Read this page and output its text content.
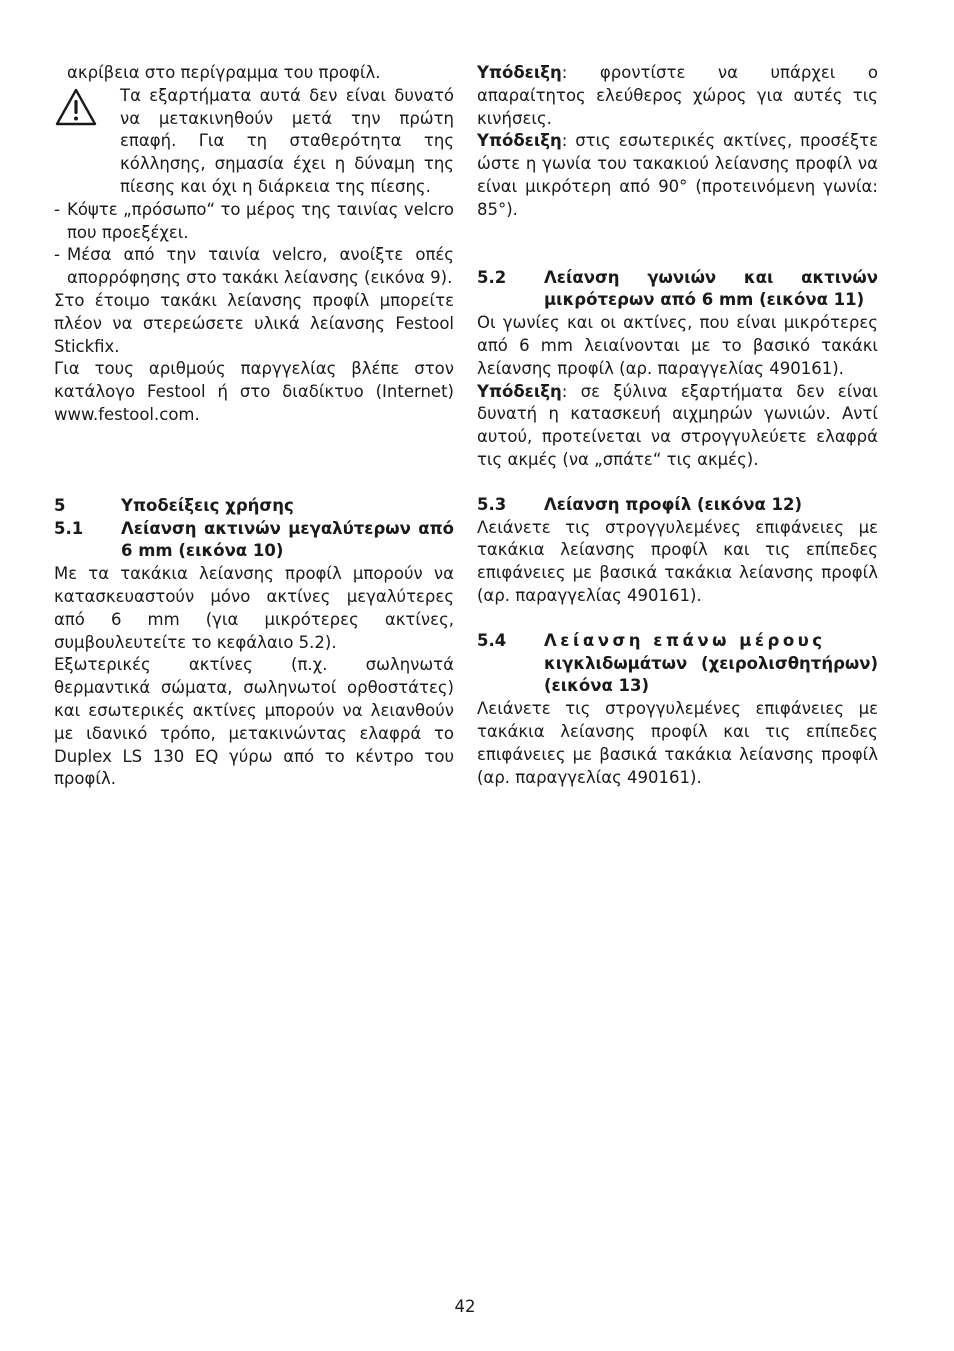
ακρίβεια στο περίγραμμα του προφίλ.

Τα εξαρτήματα αυτά δεν είναι δυνατό να μετακινηθούν μετά την πρώτη επαφή. Για τη σταθερότητα της κόλλησης, σημασία έχει η δύναμη της πίεσης και όχι η διάρκεια της πίεσης.

- Κόψτε „πρόσωπο“ το μέρος της ταινίας velcro που προεξέχει.
- Μέσα από την ταινία velcro, ανοίξτε οπές απορρόφησης στο τακάκι λείανσης (εικόνα 9).

Στο έτοιμο τακάκι λείανσης προφίλ μπορείτε πλέον να στερεώσετε υλικά λείανσης Festool Stickfix.

Για τους αριθμούς παργγελίας βλέπε στον κατάλογο Festool ή στο διαδίκτυο (Internet) www.festool.com.

5	Υποδείξεις χρήσης
5.1	Λείανση ακτινών μεγαλύτερων από 6 mm (εικόνα 10)

Με τα τακάκια λείανσης προφίλ μπορούν να κατασκευαστούν μόνο ακτίνες μεγαλύτερες από 6 mm (για μικρότερες ακτίνες, συμβουλευτείτε το κεφάλαιο 5.2).

Εξωτερικές ακτίνες (π.χ. σωληνωτά θερμαντικά σώματα, σωληνωτοί ορθοστάτες) και εσωτερικές ακτίνες μπορούν να λειανθούν με ιδανικό τρόπο, μετακινώντας ελαφρά το Duplex LS 130 EQ γύρω από το κέντρο του προφίλ.

Υπόδειξη: φροντίστε να υπάρχει ο απαραίτητος ελεύθερος χώρος για αυτές τις κινήσεις.

Υπόδειξη: στις εσωτερικές ακτίνες, προσέξτε ώστε η γωνία του τακακιού λείανσης προφίλ να είναι μικρότερη από 90° (προτεινόμενη γωνία: 85°).

5.2	Λείανση γωνιών και ακτινών μικρότερων από 6 mm (εικόνα 11)

Οι γωνίες και οι ακτίνες, που είναι μικρότερες από 6 mm λειαίνονται με το βασικό τακάκι λείανσης προφίλ (αρ. παραγγελίας 490161).

Υπόδειξη: σε ξύλινα εξαρτήματα δεν είναι δυνατή η κατασκευή αιχμηρών γωνιών. Αντί αυτού, προτείνεται να στρογγυλεύετε ελαφρά τις ακμές (να „σπάτε“ τις ακμές).

5.3	Λείανση προφίλ (εικόνα 12)

Λειάνετε τις στρογγυλεμένες επιφάνειες με τακάκια λείανσης προφίλ και τις επίπεδες επιφάνειες με βασικά τακάκια λείανσης προφίλ (αρ. παραγγελίας 490161).

5.4	Λείανση επάνω μέρους
κιγκλιδωμάτων (χειρολισθητήρων) (εικόνα 13)

Λειάνετε τις στρογγυλεμένες επιφάνειες με τακάκια λείανσης προφίλ και τις επίπεδες επιφάνειες με βασικά τακάκια λείανσης προφίλ (αρ. παραγγελίας 490161).

42
